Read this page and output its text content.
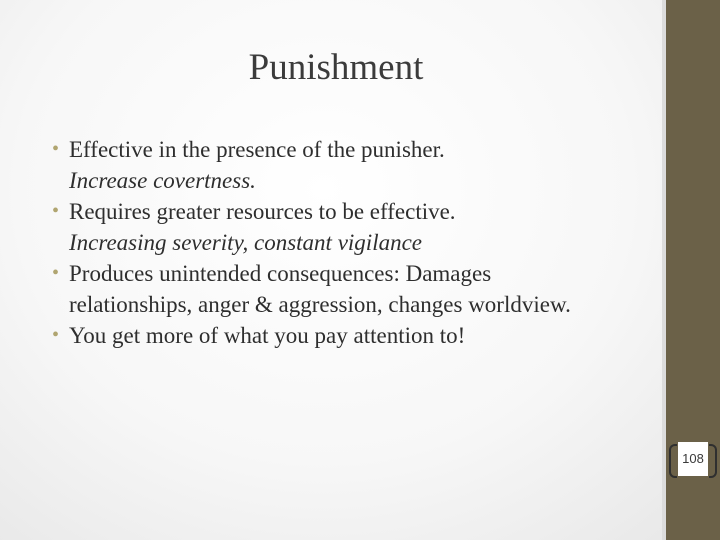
Punishment
• Effective in the presence of the punisher.
Increase covertness.
• Requires greater resources to be effective.
Increasing severity, constant vigilance
• Produces unintended consequences: Damages relationships, anger & aggression, changes worldview.
• You get more of what you pay attention to!
108
